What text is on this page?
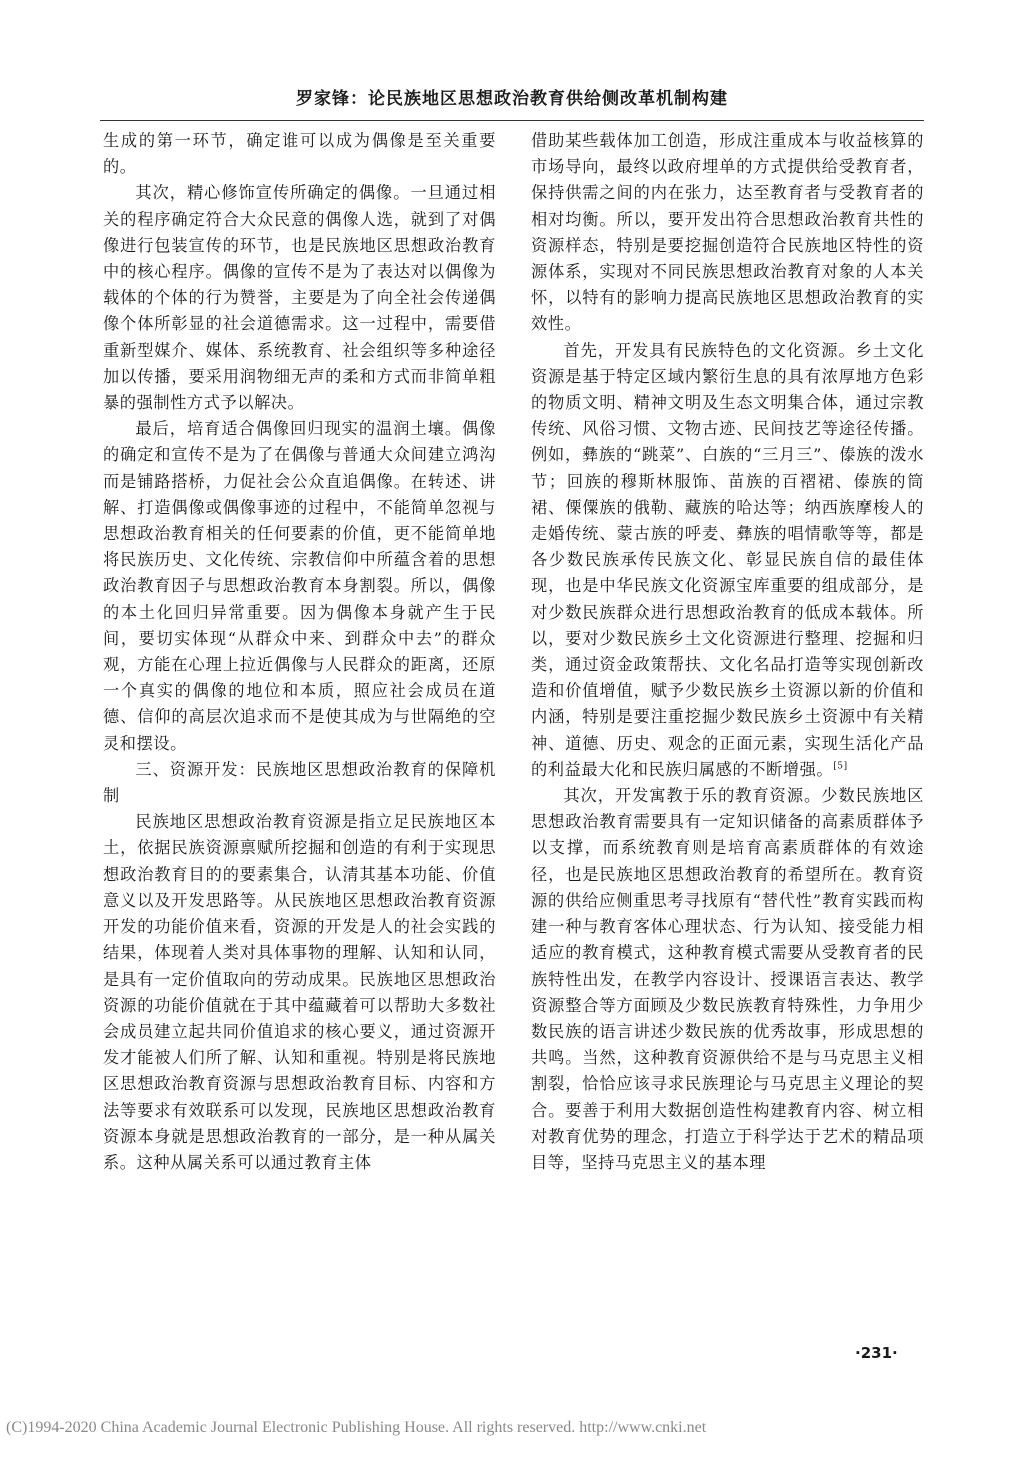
罗家锋：论民族地区思想政治教育供给侧改革机制构建

生成的第一环节，确定谁可以成为偶像是至关重要的。

其次，精心修饰宣传所确定的偶像。一旦通过相关的程序确定符合大众民意的偶像人选，就到了对偶像进行包装宣传的环节，也是民族地区思想政治教育中的核心程序。偶像的宣传不是为了表达对以偶像为载体的个体的行为赞誉，主要是为了向全社会传递偶像个体所彰显的社会道德需求。这一过程中，需要借重新型媒介、媒体、系统教育、社会组织等多种途径加以传播，要采用润物细无声的柔和方式而非简单粗暴的强制性方式予以解决。

最后，培育适合偶像回归现实的温润土壤。偶像的确定和宣传不是为了在偶像与普通大众间建立鸿沟而是铺路搭桥，力促社会公众直追偶像。在转述、讲解、打造偶像或偶像事迹的过程中，不能简单忽视与思想政治教育相关的任何要素的价值，更不能简单地将民族历史、文化传统、宗教信仰中所蕴含着的思想政治教育因子与思想政治教育本身割裂。所以，偶像的本土化回归异常重要。因为偶像本身就产生于民间，要切实体现“从群众中来、到群众中去”的群众观，方能在心理上拉近偶像与人民群众的距离，还原一个真实的偶像的地位和本质，照应社会成员在道德、信仰的高层次追求而不是使其成为与世隔绝的空灵和摆设。

三、资源开发：民族地区思想政治教育的保障机制

民族地区思想政治教育资源是指立足民族地区本土，依据民族资源禀赋所挖掘和创造的有利于实现思想政治教育目的的要素集合，认清其基本功能、价值意义以及开发思路等。从民族地区思想政治教育资源开发的功能价值来看，资源的开发是人的社会实践的结果，体现着人类对具体事物的理解、认知和认同，是具有一定价值取向的劳动成果。民族地区思想政治资源的功能价值就在于其中蕴藏着可以帮助大多数社会成员建立起共同价值追求的核心要义，通过资源开发才能被人们所了解、认知和重视。特别是将民族地区思想政治教育资源与思想政治教育目标、内容和方法等要求有效联系可以发现，民族地区思想政治教育资源本身就是思想政治教育的一部分，是一种从属关系。这种从属关系可以通过教育主体

借助某些载体加工创造，形成注重成本与收益核算的市场导向，最终以政府埋单的方式提供给受教育者，保持供需之间的内在张力，达至教育者与受教育者的相对均衡。所以，要开发出符合思想政治教育共性的资源样态，特别是要挖掘创造符合民族地区特性的资源体系，实现对不同民族思想政治教育对象的人本关怀，以特有的影响力提高民族地区思想政治教育的实效性。

首先，开发具有民族特色的文化资源。乡土文化资源是基于特定区域内繁衍生息的具有浓厚地方色彩的物质文明、精神文明及生态文明集合体，通过宗教传统、风俗习惯、文物古迹、民间技艺等途径传播。例如，彝族的“跳菜”、白族的“三月三”、傣族的泼水节；回族的穆斯林服饰、苗族的百褶裙、傣族的筒裙、傈僳族的俄勒、藏族的哈达等；纳西族摩梭人的走婚传统、蒙古族的呼麦、彝族的唱情歌等等，都是各少数民族承传民族文化、彰显民族自信的最佳体现，也是中华民族文化资源宝库重要的组成部分，是对少数民族群众进行思想政治教育的低成本载体。所以，要对少数民族乡土文化资源进行整理、挖掘和归类，通过资金政策帮扶、文化名品打造等实现创新改造和价值增值，赋予少数民族乡土资源以新的价值和内涵，特别是要注重挖掘少数民族乡土资源中有关精神、道德、历史、观念的正面元素，实现生活化产品的利益最大化和民族归属感的不断增强。[5]

其次，开发寓教于乐的教育资源。少数民族地区思想政治教育需要具有一定知识储备的高素质群体予以支撑，而系统教育则是培育高素质群体的有效途径，也是民族地区思想政治教育的希望所在。教育资源的供给应侧重思考寻找原有“替代性”教育实践而构建一种与教育客体心理状态、行为认知、接受能力相适应的教育模式，这种教育模式需要从受教育者的民族特性出发，在教学内容设计、授课语言表达、教学资源整合等方面顾及少数民族教育特殊性，力争用少数民族的语言讲述少数民族的优秀故事，形成思想的共鸣。当然，这种教育资源供给不是与马克思主义相割裂，恰恰应该寻求民族理论与马克思主义理论的契合。要善于利用大数据创造性构建教育内容、树立相对教育优势的理念，打造立于科学达于艺术的精品项目等，坚持马克思主义的基本理

·231·
(C)1994-2020 China Academic Journal Electronic Publishing House. All rights reserved. http://www.cnki.net
